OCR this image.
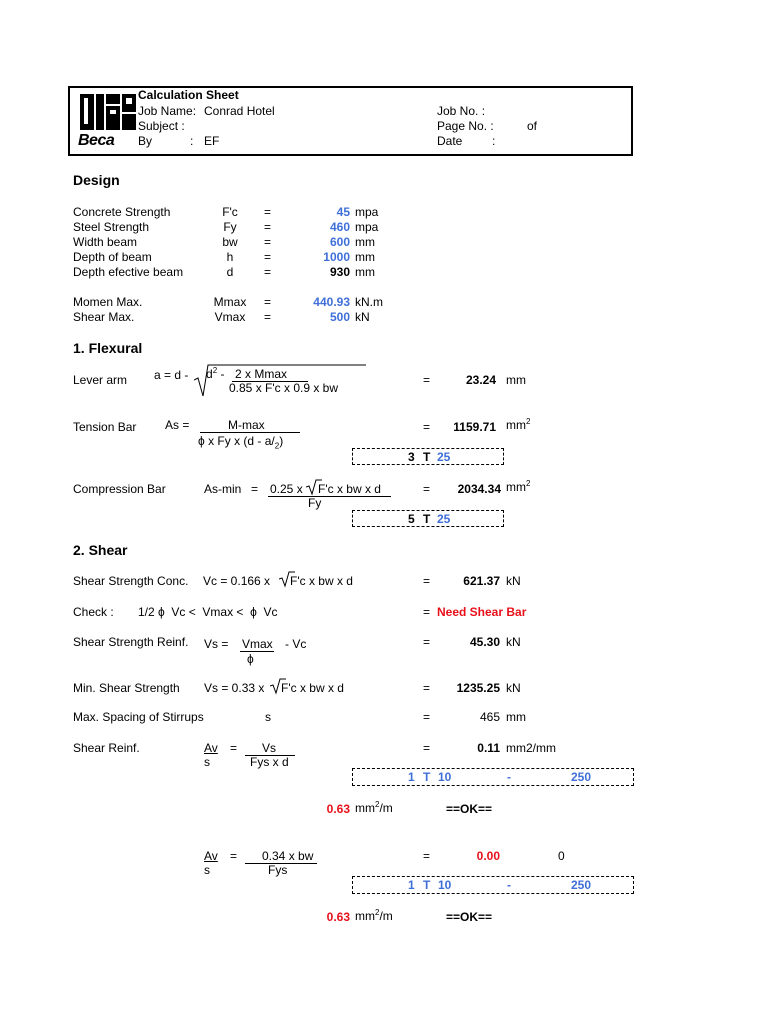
Beca
Calculation Sheet
Job Name: Conrad Hotel
Subject :
By	: EF
Job No. :
Page No. :	of
Date :
Design
Concrete Strength	F'c	=	45 mpa
Steel Strength	Fy	=	460 mpa
Width beam	bw	=	600 mm
Depth of beam	h	=	1000 mm
Depth efective beam	d	=	930 mm
Momen Max.	Mmax	=	440.93 kN.m
Shear Max.	Vmax	=	500 kN
1. Flexural
Lever arm $a = d - d^2 - 2$ x Mmax
0.85 x F'c x 0.9 x bw
=	23.24 mm
Tension Bar As =	M-max
ϕ x Fy x $(d - a/_2)$
=	1159.71 $mm^2$
3 T 25
Compression Bar	As-min = 0.25 x F'c x bw x d
Fy
=	2034.34 $mm^2$
5 T 25
2. Shear
Shear Strength Conc. Vc = 0.166 x F'c x bw x d	=	621.37 kN
Check : 1/2 ϕ  Vc <  Vmax <  ϕ  Vc	= Need Shear Bar
Shear Strength Reinf. Vs = Vmax - Vc
ϕ
=	45.30 kN
Min. Shear Strength Vs = 0.33 x F'c x bw x d	=	1235.25 kN
Max. Spacing of Stirrups	s	=	465 mm
Shear Reinf.	Av
s
= Vs
Fys x d
=	0.11 mm2/mm
1 T 10	-	250
0.63 $mm^2/m$	==OK==
Av
s
= 0.34 x bw
Fys
=	0.00	0
1 T 10	-	250
0.63 $mm^2/m$	==OK==
